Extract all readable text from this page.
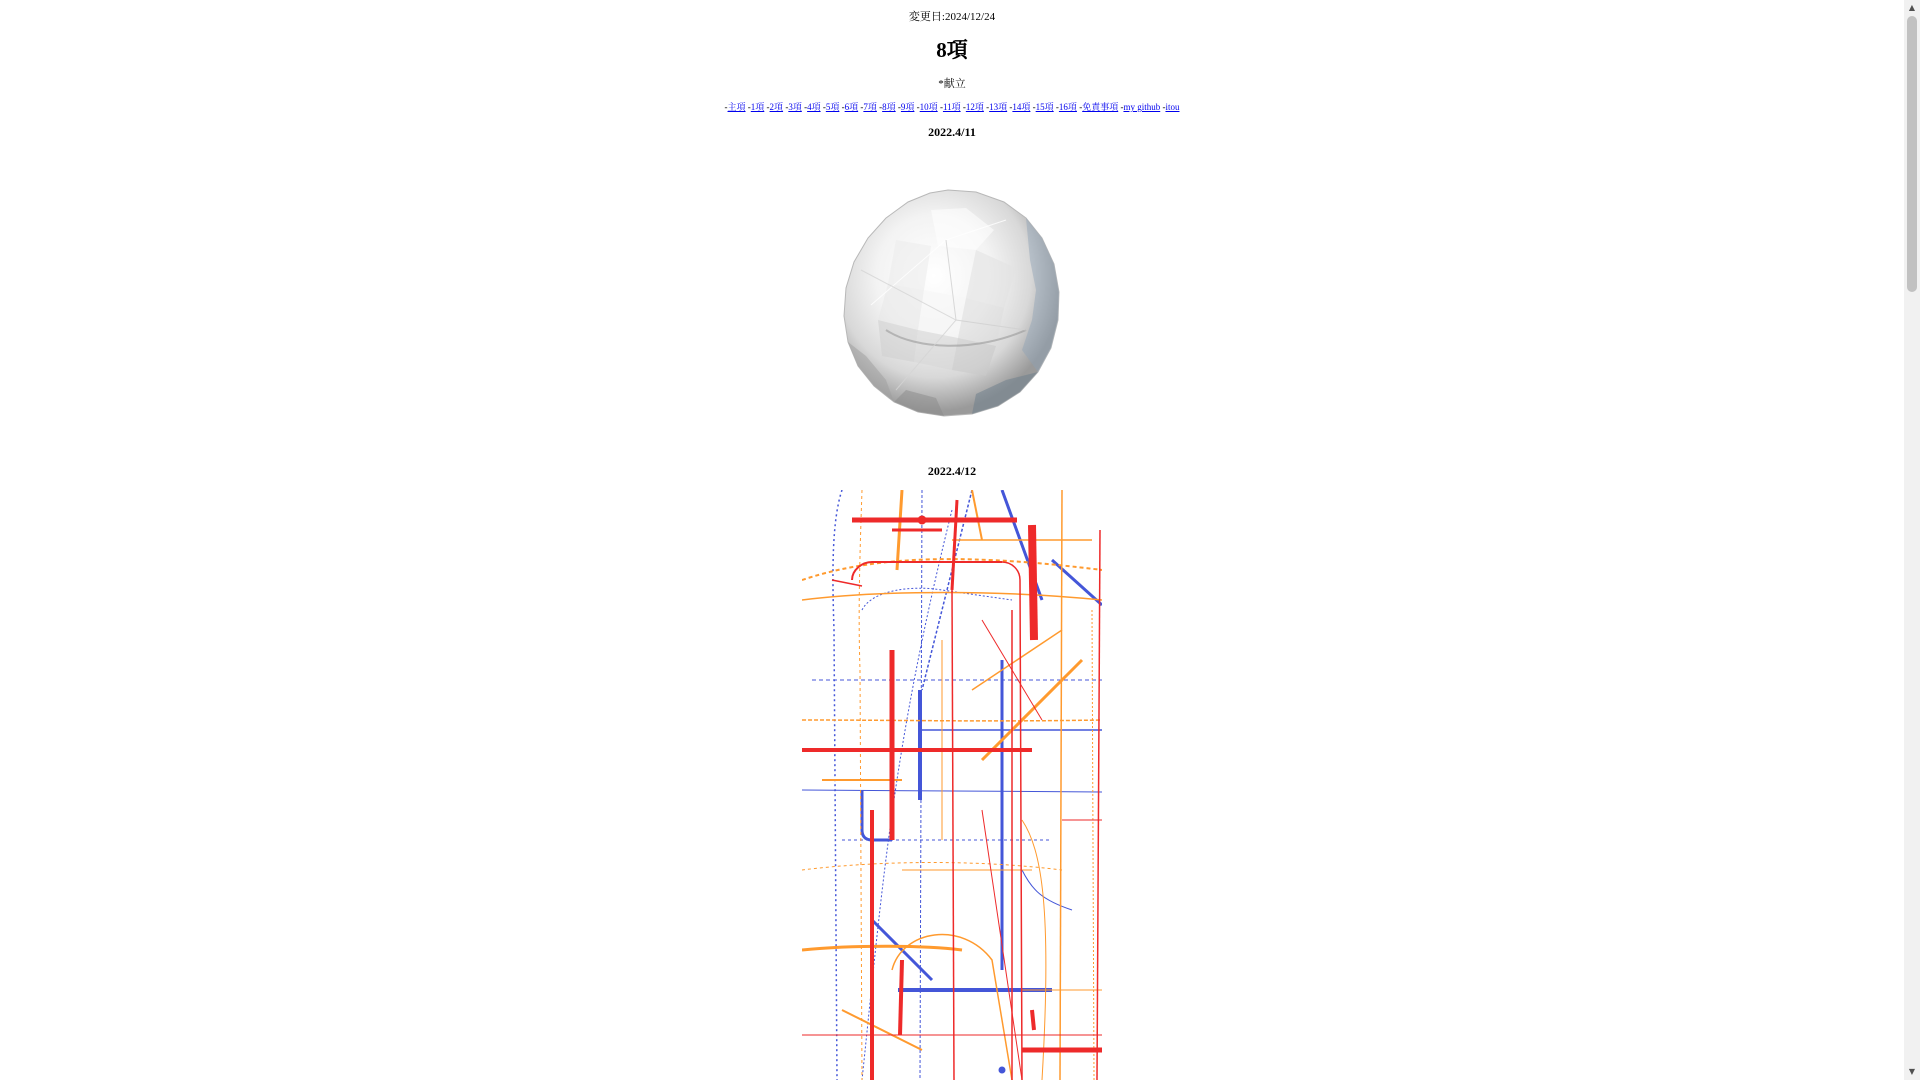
変更日:2024/12/24
8項
*献立
-主項 -1項 -2項 -3項 -4項 -5項 -6項 -7項 -8項 -9項 -10項 -11項 -12項 -13項 -14項 -15項 -16項 -免責事項 -my github -itou
2022.4/11
2022.4/12
▲
▼
